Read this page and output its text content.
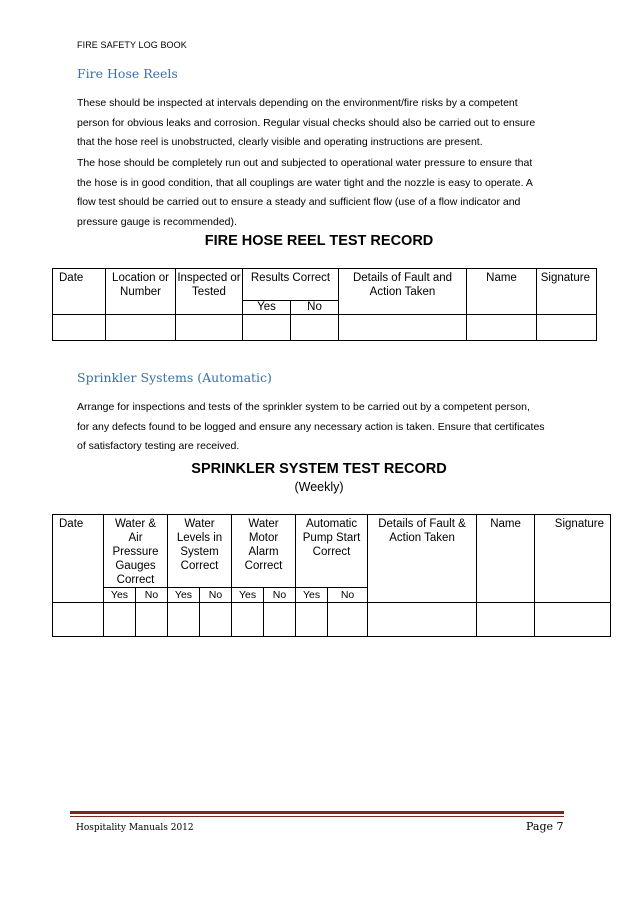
FIRE SAFETY LOG BOOK
Fire Hose Reels

These should be inspected at intervals depending on the environment/fire risks by a competent

person for obvious leaks and corrosion. Regular visual checks should also be carried out to ensure

that the hose reel is unobstructed, clearly visible and operating instructions are present.

The hose should be completely run out and subjected to operational water pressure to ensure that

the hose is in good condition, that all couplings are water tight and the nozzle is easy to operate. A

flow test should be carried out to ensure a steady and sufficient flow (use of a flow indicator and

pressure gauge is recommended).

FIRE HOSE REEL TEST RECORD
Date	Location or Number	Inspected or Tested	Results Correct		Details of Fault and Action Taken	Name	Signature
			Yes	No			

Sprinkler Systems (Automatic)

Arrange for inspections and tests of the sprinkler system to be carried out by a competent person,

for any defects found to be logged and ensure any necessary action is taken. Ensure that certificates

of satisfactory testing are received.

SPRINKLER SYSTEM TEST RECORD
(Weekly)
Date	Water & Air Pressure Gauges Correct		Water Levels in System Correct		Water Motor Alarm Correct		Automatic Pump Start Correct		Details of Fault & Action Taken	Name	Signature
	Yes	No	Yes	No	Yes	No	Yes	No			

Hospitality Manuals 2012	Page 7
